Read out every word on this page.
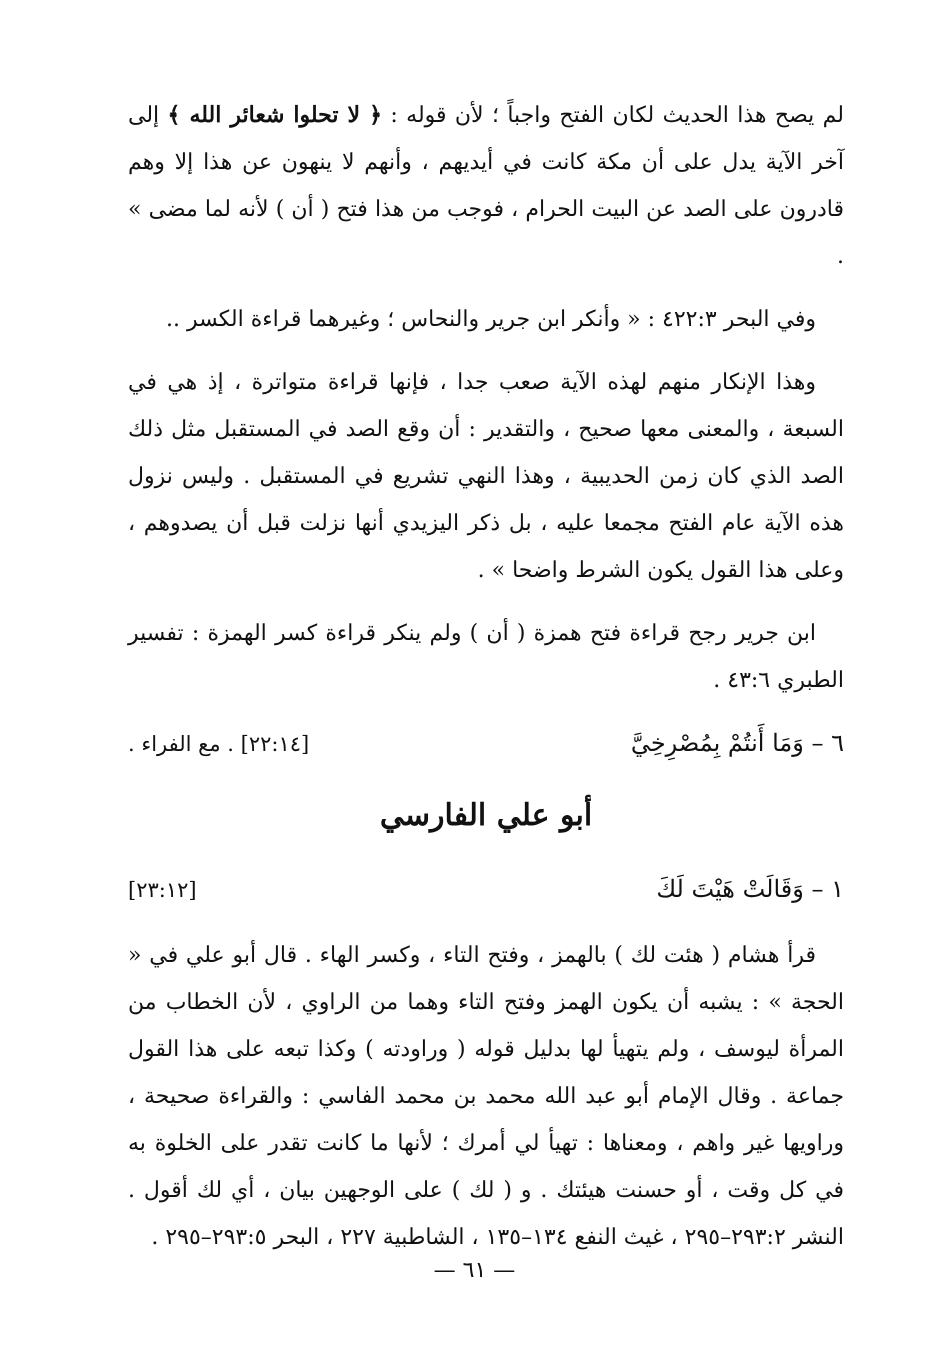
لم يصح هذا الحديث لكان الفتح واجباً ؛ لأن قوله : ﴿ لا تحلوا شعائر الله ﴾ إلى آخر الآية يدل على أن مكة كانت في أيديهم ، وأنهم لا ينهون عن هذا إلا وهم قادرون على الصد عن البيت الحرام ، فوجب من هذا فتح ( أن ) لأنه لما مضى » .

وفي البحر ٤٢٢:٣ : « وأنكر ابن جرير والنحاس ؛ وغيرهما قراءة الكسر ..

وهذا الإنكار منهم لهذه الآية صعب جدا ، فإنها قراءة متواترة ، إذ هي في السبعة ، والمعنى معها صحيح ، والتقدير : أن وقع الصد في المستقبل مثل ذلك الصد الذي كان زمن الحديبية ، وهذا النهي تشريع في المستقبل . وليس نزول هذه الآية عام الفتح مجمعا عليه ، بل ذكر اليزيدي أنها نزلت قبل أن يصدوهم ، وعلى هذا القول يكون الشرط واضحا » .

ابن جرير رجح قراءة فتح همزة ( أن ) ولم ينكر قراءة كسر الهمزة : تفسير الطبري ٤٣:٦ .

٦ – وَمَا أَنتُمْ بِمُصْرِخِيَّ
[٢٢:١٤] . مع الفراء .
أبو علي الفارسي
١ – وَقَالَتْ هَيْتَ لَكَ
[٢٣:١٢]

قرأ هشام ( هئت لك ) بالهمز ، وفتح التاء ، وكسر الهاء . قال أبو علي في « الحجة » : يشبه أن يكون الهمز وفتح التاء وهما من الراوي ، لأن الخطاب من المرأة ليوسف ، ولم يتهيأ لها بدليل قوله ( وراودته ) وكذا تبعه على هذا القول جماعة . وقال الإمام أبو عبد الله محمد بن محمد الفاسي : والقراءة صحيحة ، وراويها غير واهم ، ومعناها : تهيأ لي أمرك ؛ لأنها ما كانت تقدر على الخلوة به في كل وقت ، أو حسنت هيئتك . و ( لك ) على الوجهين بيان ، أي لك أقول . النشر ٢٩٣:٢–٢٩٥ ، غيث النفع ١٣٤–١٣٥ ، الشاطبية ٢٢٧ ، البحر ٢٩٣:٥–٢٩٥ .

— ٦١ —
